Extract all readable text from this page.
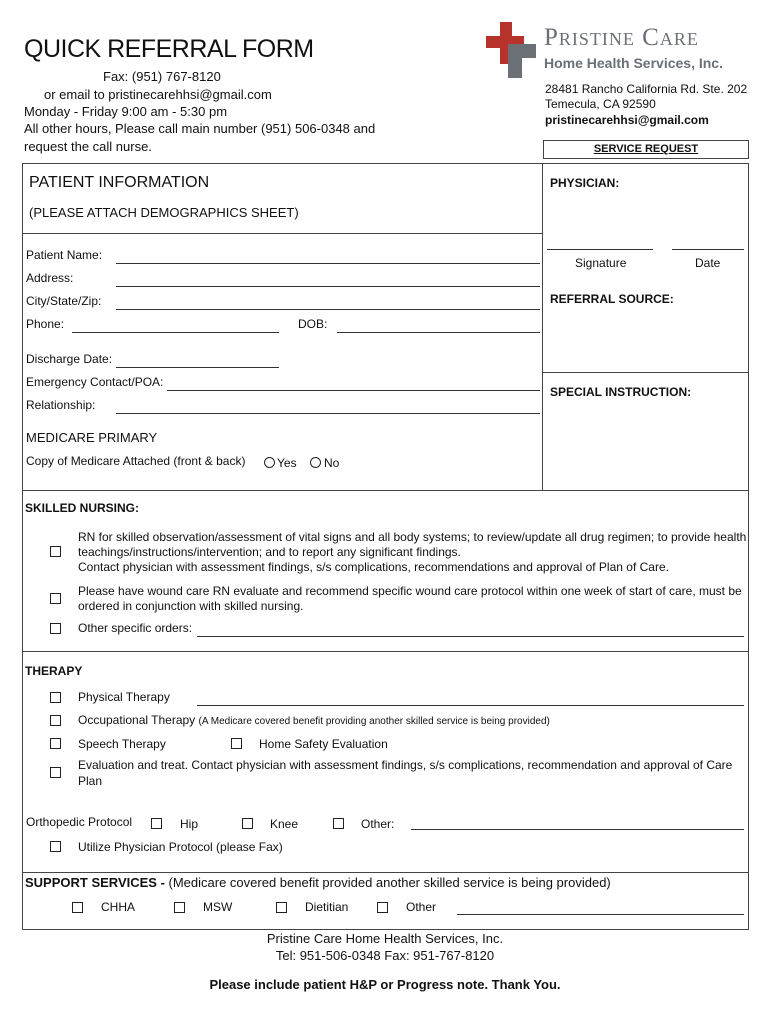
QUICK REFERRAL FORM
Fax: (951) 767-8120
or email to pristinecarehhsi@gmail.com
Monday - Friday 9:00 am - 5:30 pm
All other hours, Please call main number (951) 506-0348 and
request the call nurse.
Pristine Care
Home Health Services, Inc.
28481 Rancho California Rd. Ste. 202
Temecula, CA 92590
pristinecarehhsi@gmail.com
SERVICE REQUEST
PATIENT INFORMATION
(PLEASE ATTACH DEMOGRAPHICS SHEET)
Patient Name:
Address:
City/State/Zip:
Phone:	DOB:
Discharge Date:
Emergency Contact/POA:
Relationship:
MEDICARE PRIMARY
Copy of Medicare Attached (front & back)	Yes No
PHYSICIAN:
Signature	Date
REFERRAL SOURCE:
SPECIAL INSTRUCTION:
SKILLED NURSING:
RN for skilled observation/assessment of vital signs and all body systems; to review/update all drug regimen; to provide health
teachings/instructions/intervention; and to report any significant findings.
Contact physician with assessment findings, s/s complications, recommendations and approval of Plan of Care.
Please have wound care RN evaluate and recommend specific wound care protocol within one week of start of care, must be
ordered in conjunction with skilled nursing.
Other specific orders:
THERAPY
Physical Therapy
Occupational Therapy (A Medicare covered benefit providing another skilled service is being provided)
Speech Therapy	Home Safety Evaluation
Evaluation and treat. Contact physician with assessment findings, s/s complications, recommendation and approval of Care
Plan
Orthopedic Protocol	Hip	Knee	Other:
Utilize Physician Protocol (please Fax)
SUPPORT SERVICES - (Medicare covered benefit provided another skilled service is being provided)
CHHA	MSW	Dietitian	Other
Pristine Care Home Health Services, Inc.
Tel: 951-506-0348 Fax: 951-767-8120
Please include patient H&P or Progress note. Thank You.
